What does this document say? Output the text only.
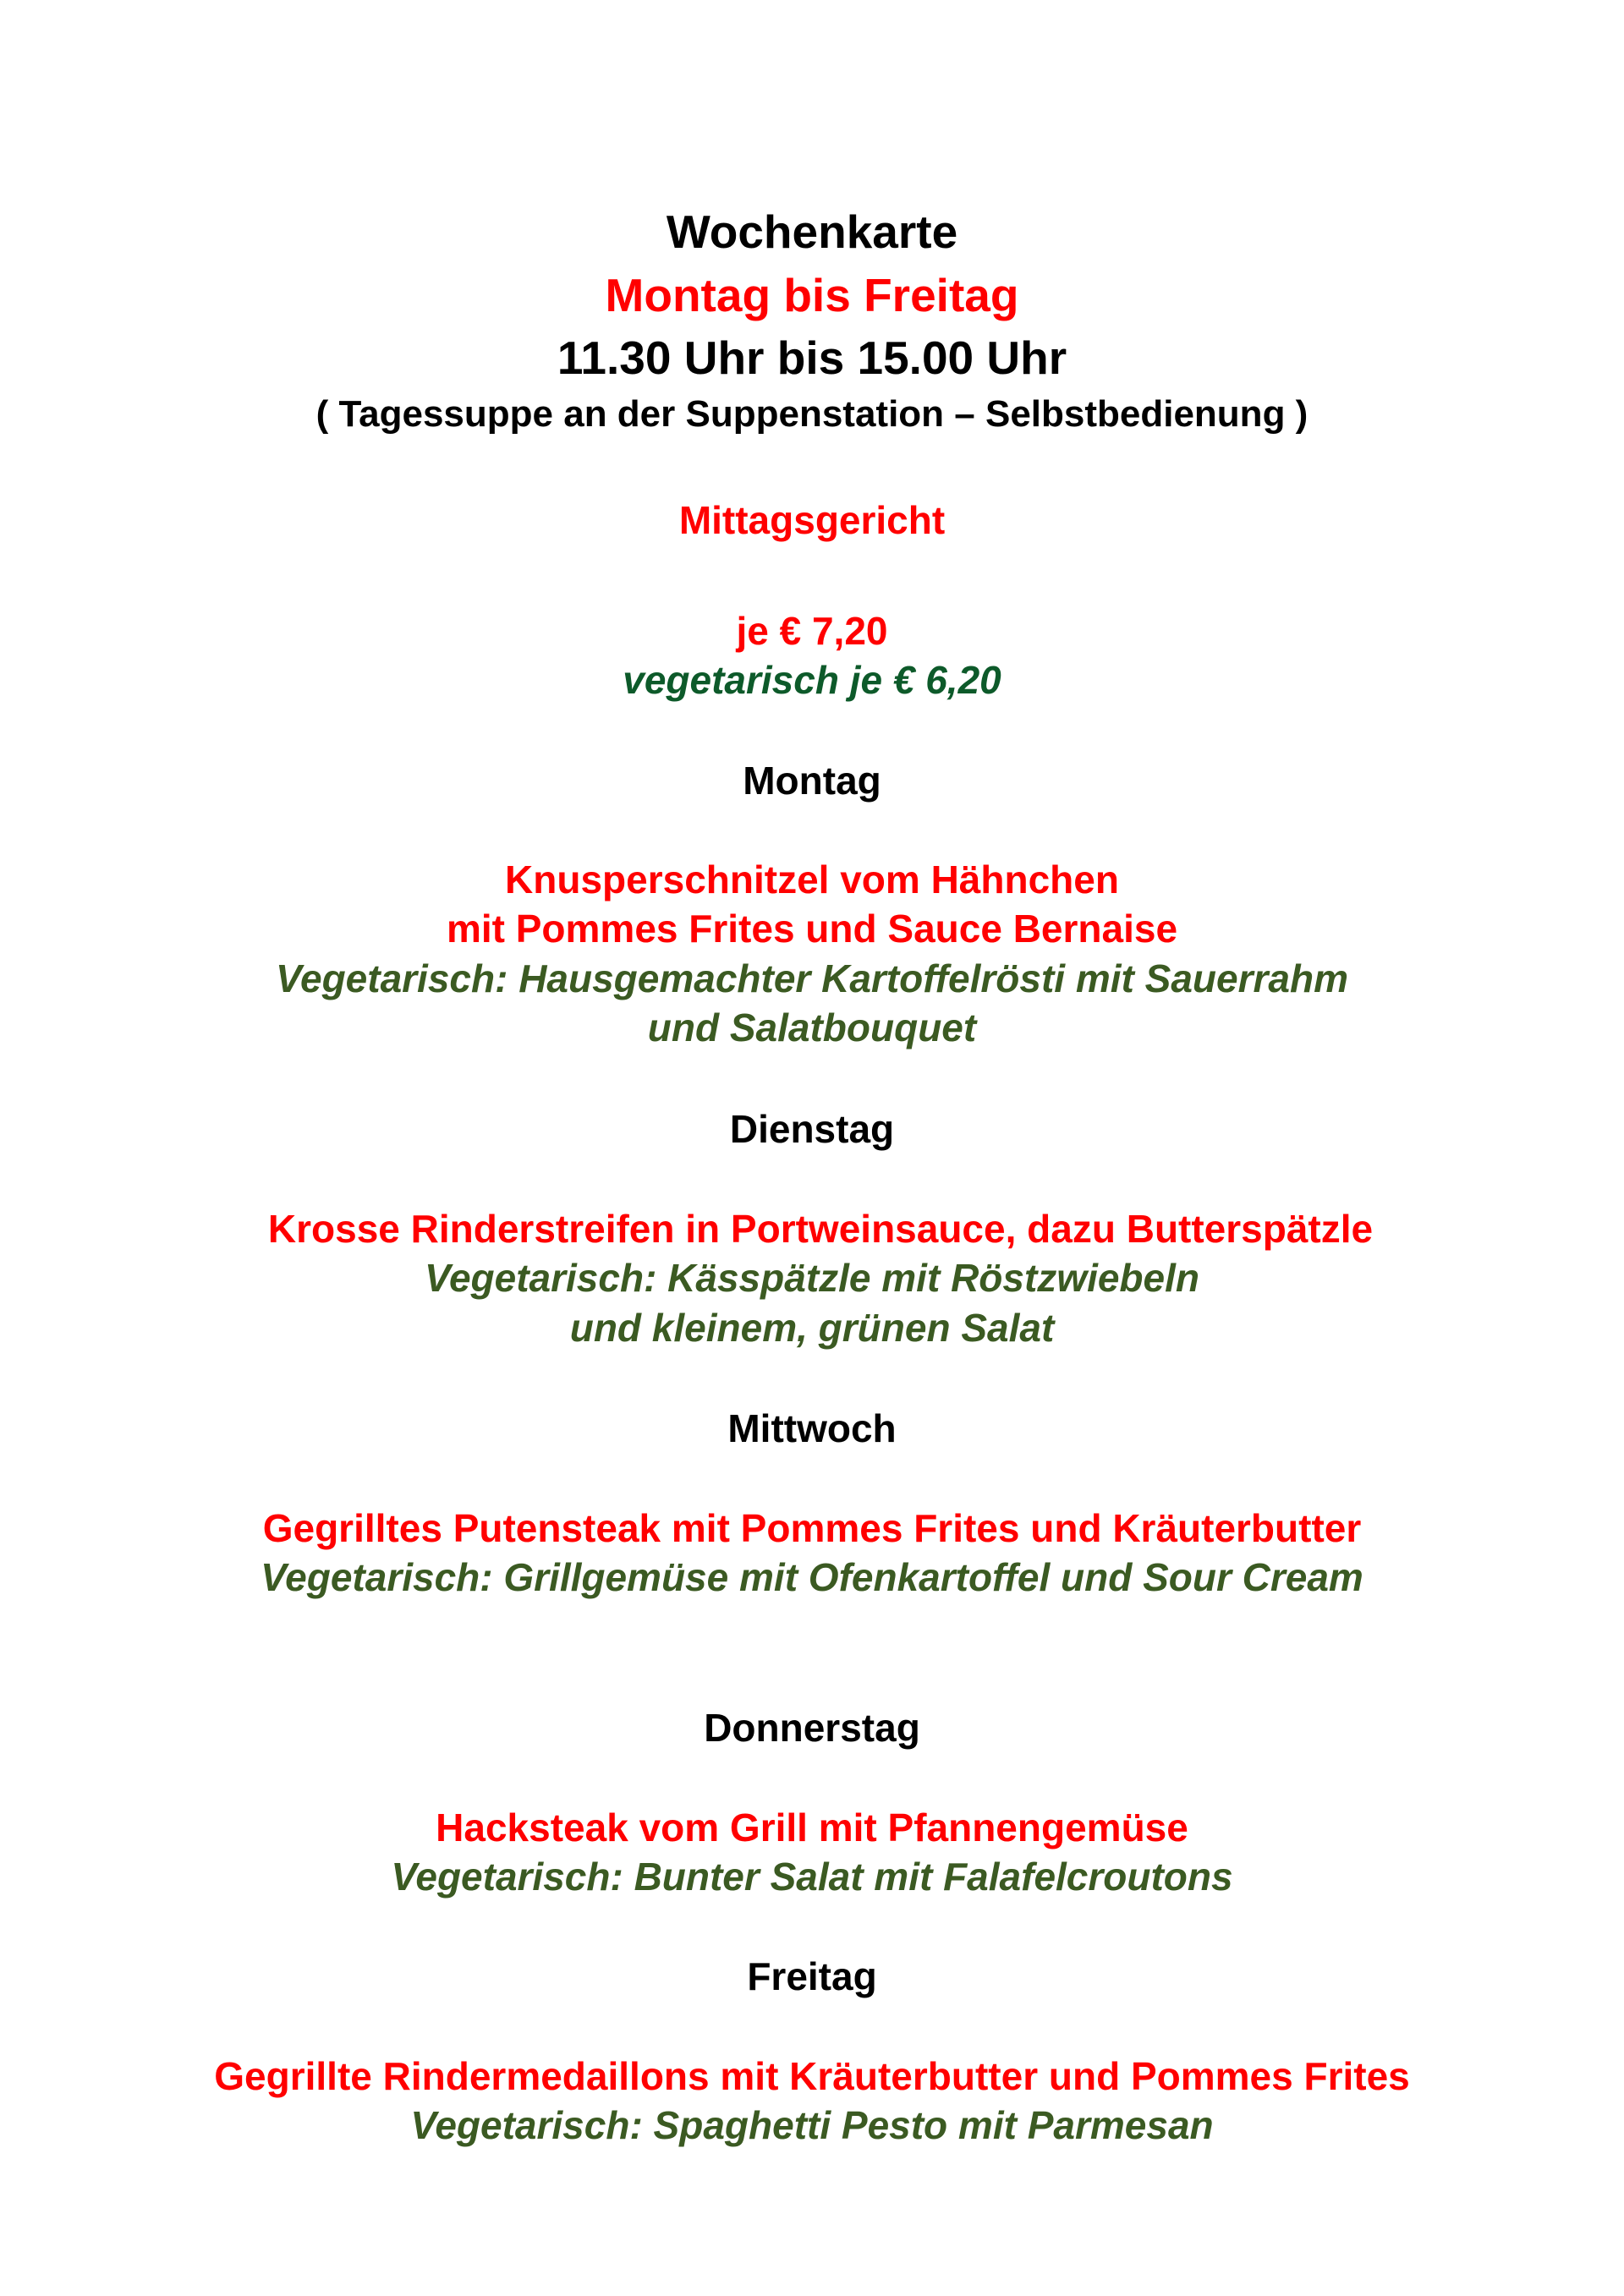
Wochenkarte
Montag bis Freitag
11.30 Uhr bis 15.00 Uhr
( Tagessuppe an der Suppenstation – Selbstbedienung )
Mittagsgericht
je € 7,20
vegetarisch je € 6,20
Montag
Knusperschnitzel vom Hähnchen
mit Pommes Frites und Sauce Bernaise
Vegetarisch: Hausgemachter Kartoffelrösti mit Sauerrahm
und Salatbouquet
Dienstag
Krosse Rinderstreifen in Portweinsauce, dazu Butterspätzle
Vegetarisch: Kässpätzle mit Röstzwiebeln
und kleinem, grünen Salat
Mittwoch
Gegrilltes Putensteak mit Pommes Frites und Kräuterbutter
Vegetarisch: Grillgemüse mit Ofenkartoffel und Sour Cream
Donnerstag
Hacksteak vom Grill mit Pfannengemüse
Vegetarisch: Bunter Salat mit Falafelcroutons
Freitag
Gegrillte Rindermedaillons mit Kräuterbutter und Pommes Frites
Vegetarisch: Spaghetti Pesto mit Parmesan
